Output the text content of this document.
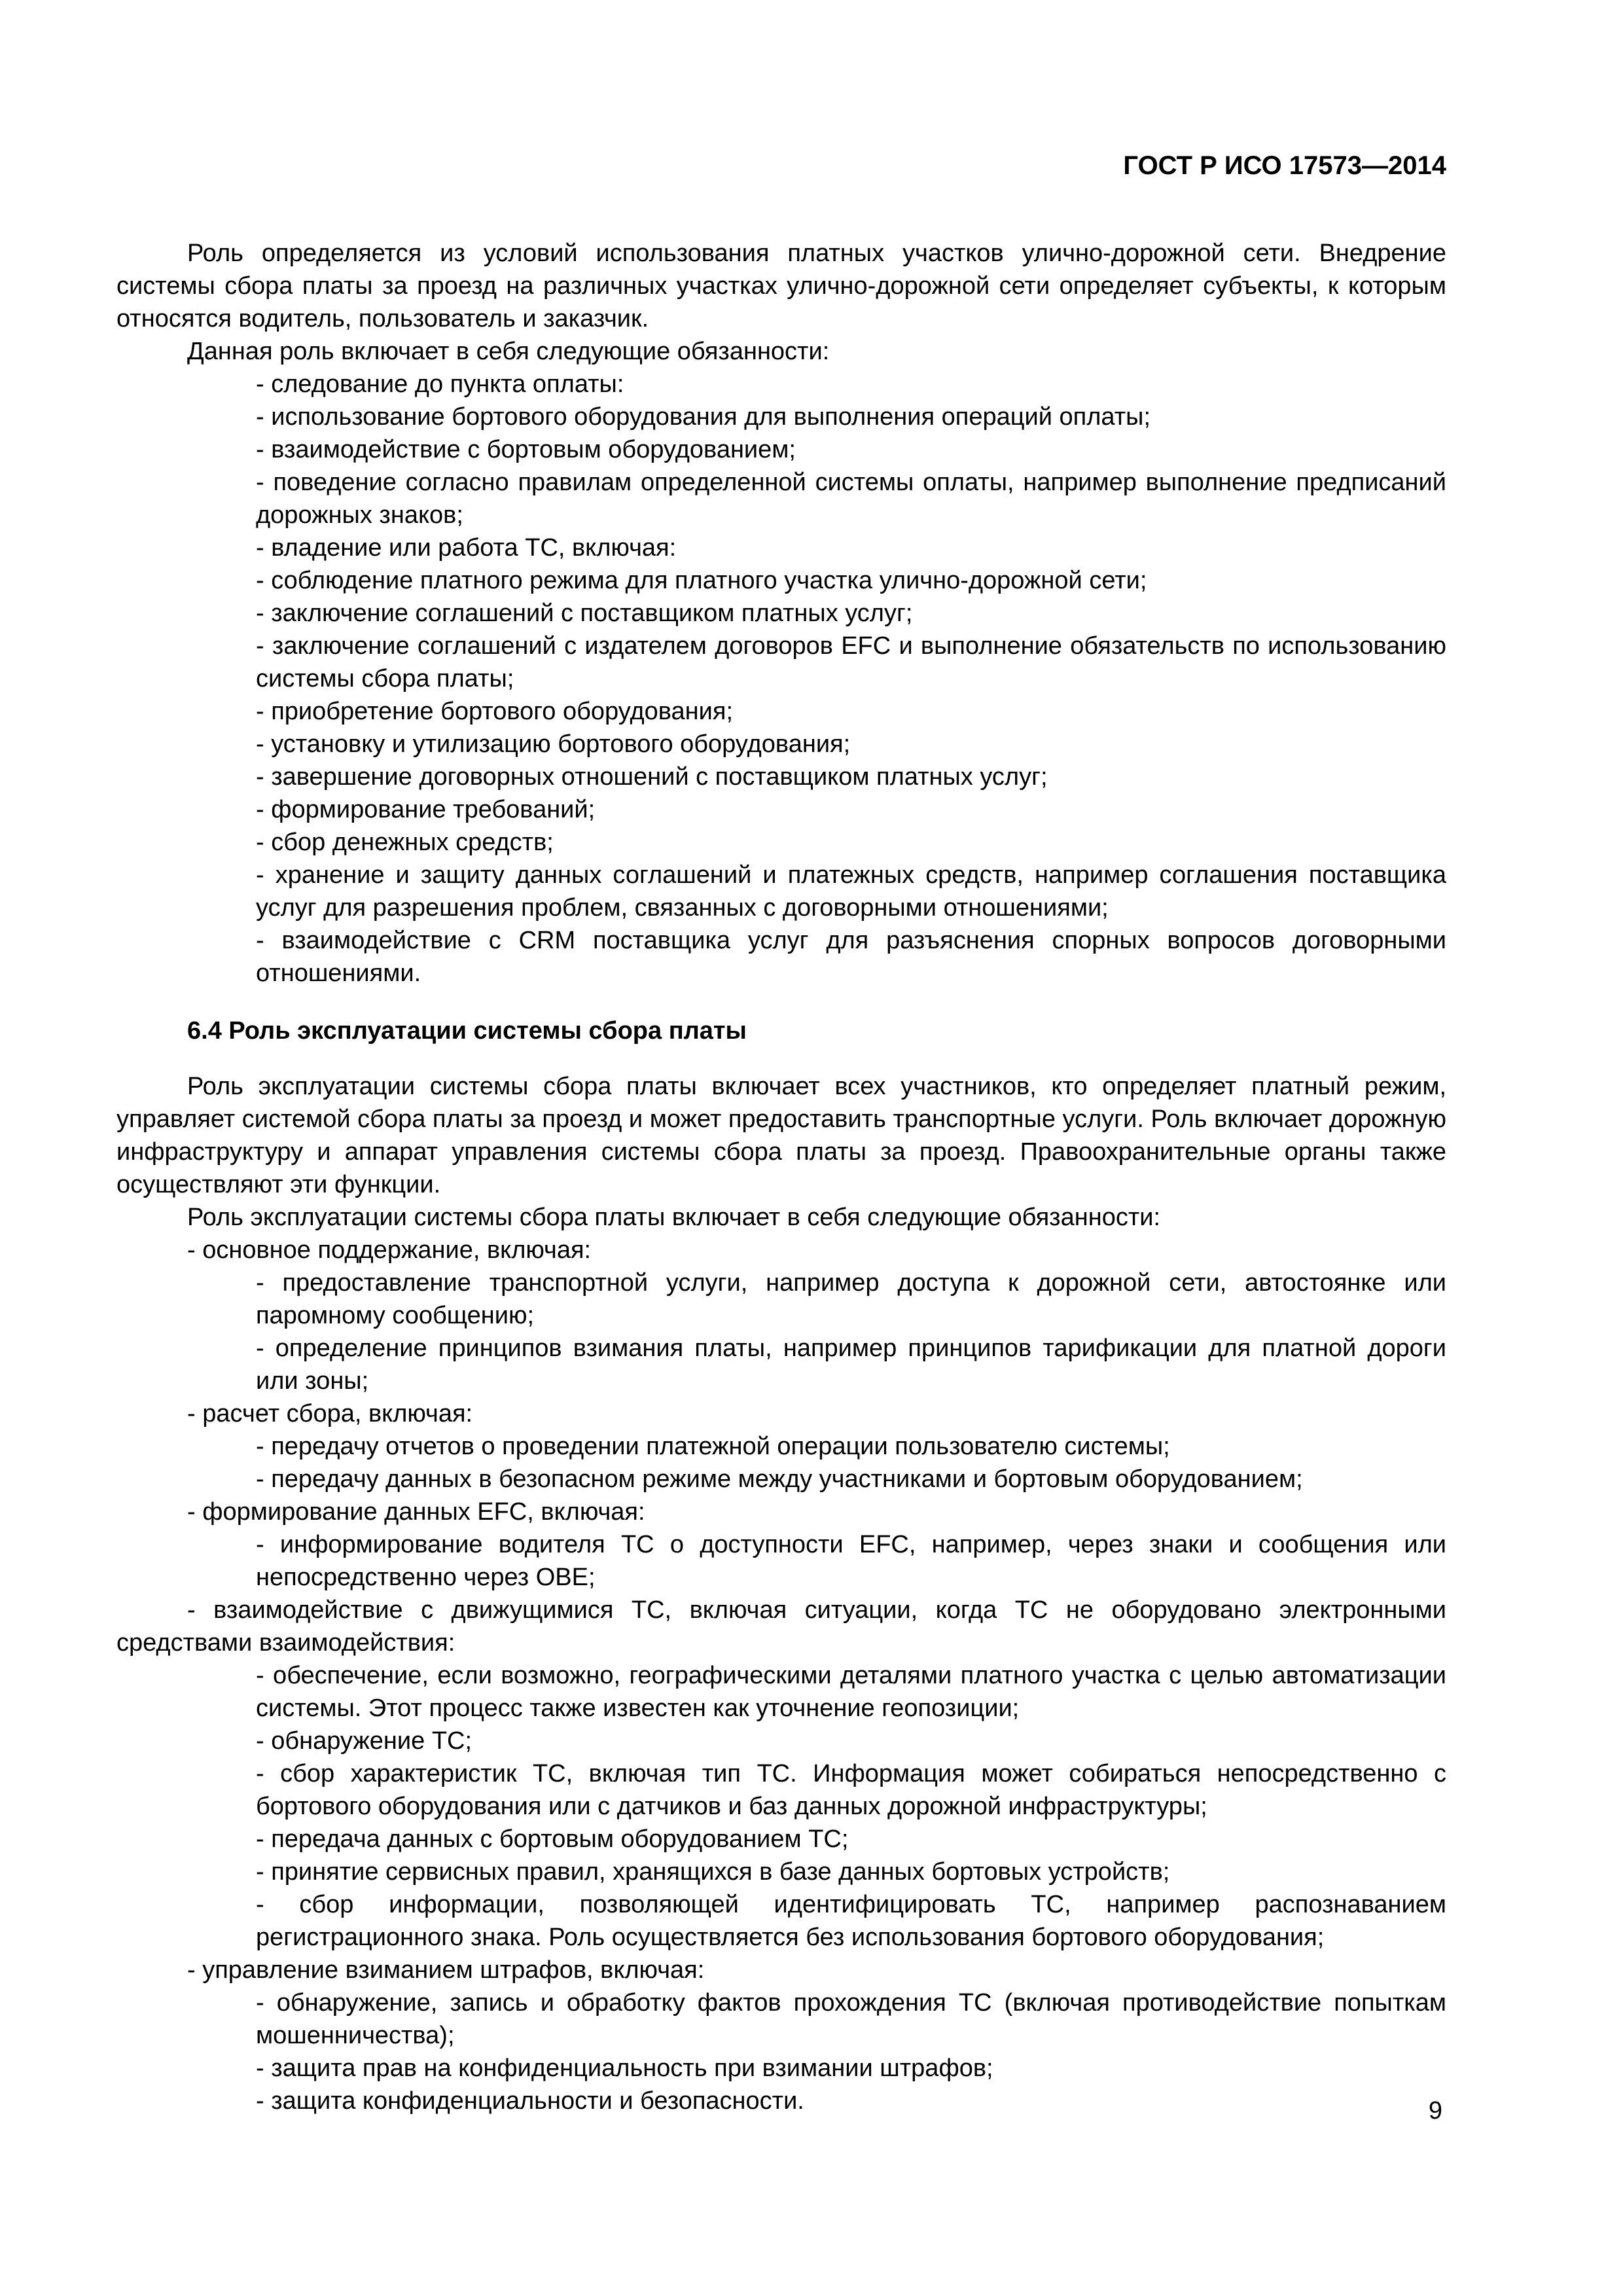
ГОСТ Р ИСО 17573—2014

Роль определяется из условий использования платных участков улично-дорожной сети. Внедрение системы сбора платы за проезд на различных участках улично-дорожной сети определяет субъекты, к которым относятся водитель, пользователь и заказчик.

Данная роль включает в себя следующие обязанности:

- следование до пункта оплаты:

- использование бортового оборудования для выполнения операций оплаты;

- взаимодействие с бортовым оборудованием;

- поведение согласно правилам определенной системы оплаты, например выполнение предписаний дорожных знаков;

- владение или работа ТС, включая:

- соблюдение платного режима для платного участка улично-дорожной сети;

- заключение соглашений с поставщиком платных услуг;

- заключение соглашений с издателем договоров EFC и выполнение обязательств по использованию системы сбора платы;

- приобретение бортового оборудования;

- установку и утилизацию бортового оборудования;

- завершение договорных отношений с поставщиком платных услуг;

- формирование требований;

- сбор денежных средств;

- хранение и защиту данных соглашений и платежных средств, например соглашения поставщика услуг для разрешения проблем, связанных с договорными отношениями;

- взаимодействие с CRM поставщика услуг для разъяснения спорных вопросов договорными отношениями.

6.4 Роль эксплуатации системы сбора платы

Роль эксплуатации системы сбора платы включает всех участников, кто определяет платный режим, управляет системой сбора платы за проезд и может предоставить транспортные услуги. Роль включает дорожную инфраструктуру и аппарат управления системы сбора платы за проезд. Правоохранительные органы также осуществляют эти функции.

Роль эксплуатации системы сбора платы включает в себя следующие обязанности:

- основное поддержание, включая:

- предоставление транспортной услуги, например доступа к дорожной сети, автостоянке или паромному сообщению;

- определение принципов взимания платы, например принципов тарификации для платной дороги или зоны;

- расчет сбора, включая:

- передачу отчетов о проведении платежной операции пользователю системы;

- передачу данных в безопасном режиме между участниками и бортовым оборудованием;

- формирование данных EFC, включая:

- информирование водителя ТС о доступности EFC, например, через знаки и сообщения или непосредственно через OBE;

- взаимодействие с движущимися ТС, включая ситуации, когда ТС не оборудовано электронными средствами взаимодействия:

- обеспечение, если возможно, географическими деталями платного участка с целью автоматизации системы. Этот процесс также известен как уточнение геопозиции;

- обнаружение ТС;

- сбор характеристик ТС, включая тип ТС. Информация может собираться непосредственно с бортового оборудования или с датчиков и баз данных дорожной инфраструктуры;

- передача данных с бортовым оборудованием ТС;

- принятие сервисных правил, хранящихся в базе данных бортовых устройств;

- сбор информации, позволяющей идентифицировать ТС, например распознаванием регистрационного знака. Роль осуществляется без использования бортового оборудования;

- управление взиманием штрафов, включая:

- обнаружение, запись и обработку фактов прохождения ТС (включая противодействие попыткам мошенничества);

- защита прав на конфиденциальность при взимании штрафов;

- защита конфиденциальности и безопасности.	9
